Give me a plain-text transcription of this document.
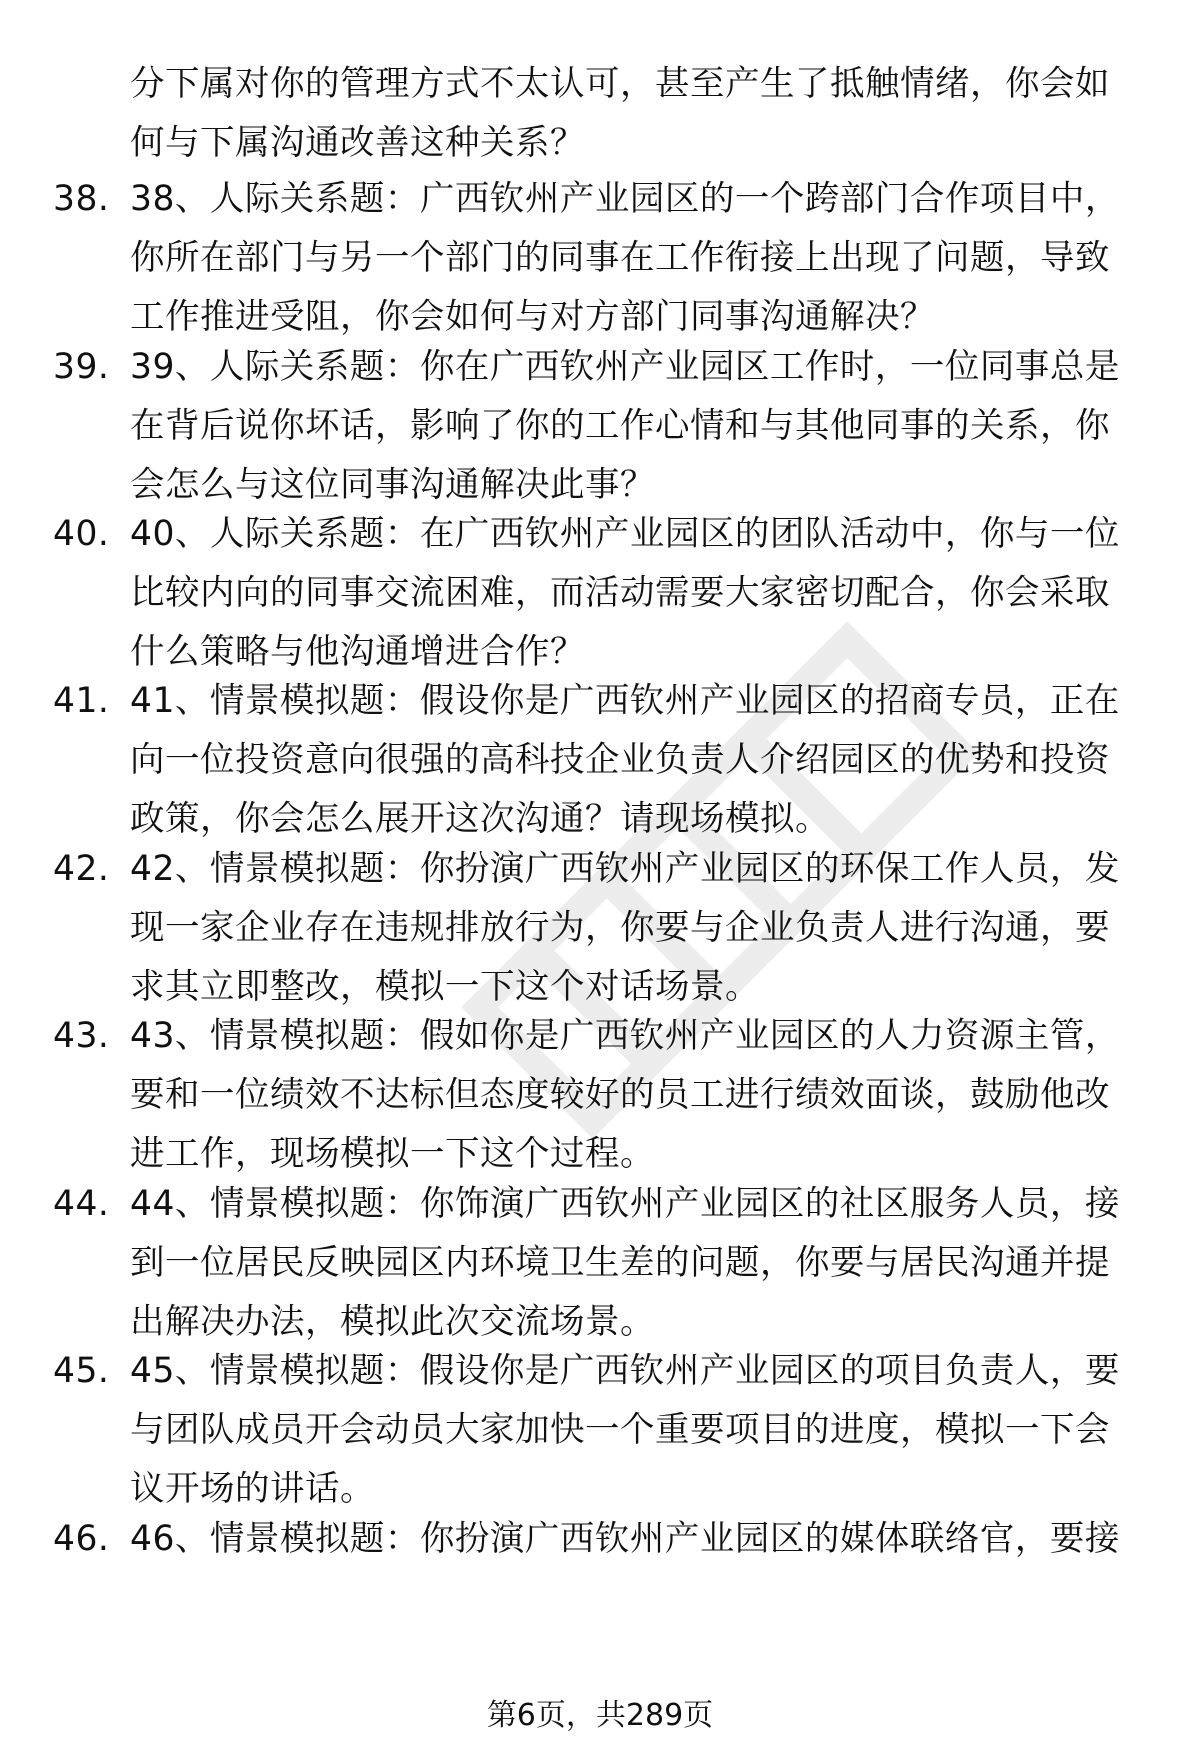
分下属对你的管理方式不太认可，甚至产生了抵触情绪，你会如何与下属沟通改善这种关系？
38. 38、人际关系题：广西钦州产业园区的一个跨部门合作项目中，你所在部门与另一个部门的同事在工作衔接上出现了问题，导致工作推进受阻，你会如何与对方部门同事沟通解决？
39. 39、人际关系题：你在广西钦州产业园区工作时，一位同事总是在背后说你坏话，影响了你的工作心情和与其他同事的关系，你会怎么与这位同事沟通解决此事？
40. 40、人际关系题：在广西钦州产业园区的团队活动中，你与一位比较内向的同事交流困难，而活动需要大家密切配合，你会采取什么策略与他沟通增进合作？
41. 41、情景模拟题：假设你是广西钦州产业园区的招商专员，正在向一位投资意向很强的高科技企业负责人介绍园区的优势和投资政策，你会怎么展开这次沟通？请现场模拟。
42. 42、情景模拟题：你扮演广西钦州产业园区的环保工作人员，发现一家企业存在违规排放行为，你要与企业负责人进行沟通，要求其立即整改，模拟一下这个对话场景。
43. 43、情景模拟题：假如你是广西钦州产业园区的人力资源主管，要和一位绩效不达标但态度较好的员工进行绩效面谈，鼓励他改进工作，现场模拟一下这个过程。
44. 44、情景模拟题：你饰演广西钦州产业园区的社区服务人员，接到一位居民反映园区内环境卫生差的问题，你要与居民沟通并提出解决办法，模拟此次交流场景。
45. 45、情景模拟题：假设你是广西钦州产业园区的项目负责人，要与团队成员开会动员大家加快一个重要项目的进度，模拟一下会议开场的讲话。
46. 46、情景模拟题：你扮演广西钦州产业园区的媒体联络官，要接
第6页，共289页
